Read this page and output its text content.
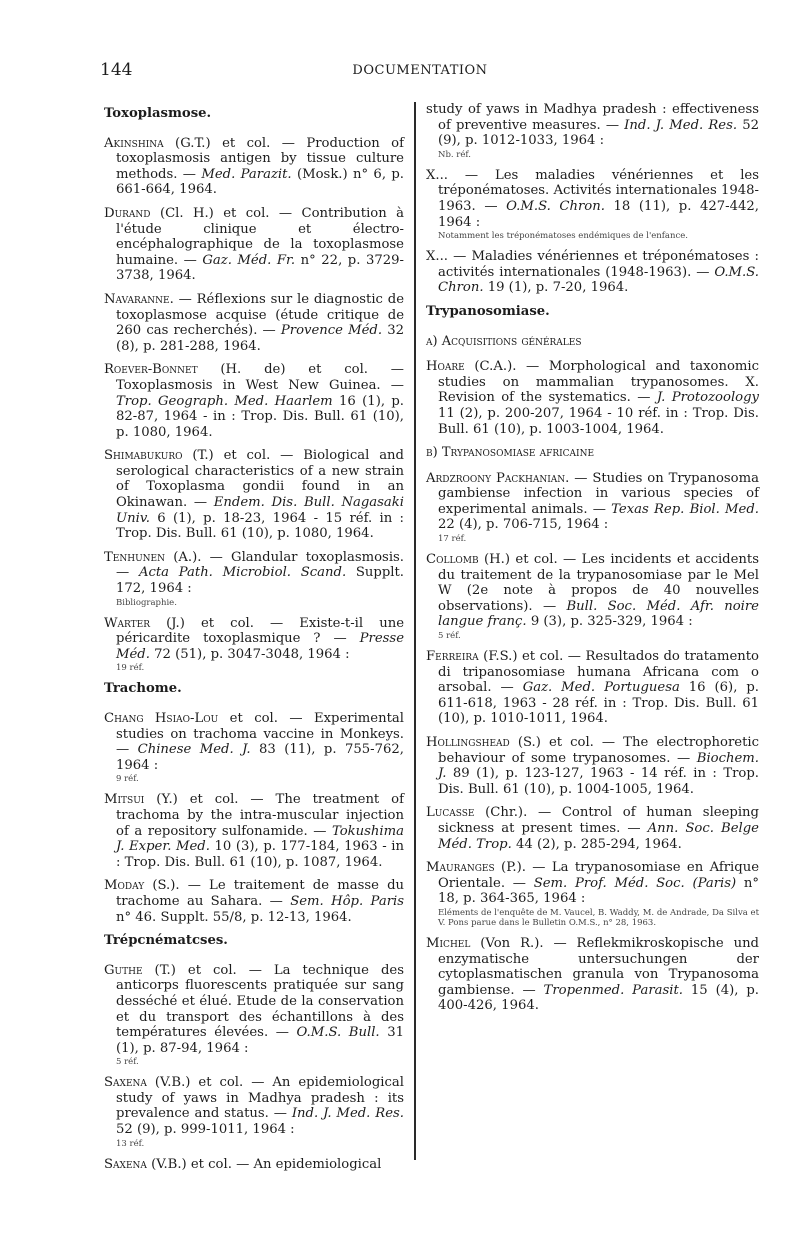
144	DOCUMENTATION
Toxoplasmose.
Akinshina (G.T.) et col. — Production of toxoplasmosis antigen by tissue culture methods. — Med. Parazit. (Mosk.) n° 6, p. 661-664, 1964.
Durand (Cl. H.) et col. — Contribution à l'étude clinique et électro-encéphalographique de la toxoplasmose humaine. — Gaz. Méd. Fr. n° 22, p. 3729-3738, 1964.
Navaranne. — Réflexions sur le diagnostic de toxoplasmose acquise (étude critique de 260 cas recherchés). — Provence Méd. 32 (8), p. 281-288, 1964.
Roever-Bonnet (H. de) et col. — Toxoplasmosis in West New Guinea. — Trop. Geograph. Med. Haarlem 16 (1), p. 82-87, 1964 - in : Trop. Dis. Bull. 61 (10), p. 1080, 1964.
Shimabukuro (T.) et col. — Biological and serological characteristics of a new strain of Toxoplasma gondii found in an Okinawan. — Endem. Dis. Bull. Nagasaki Univ. 6 (1), p. 18-23, 1964 - 15 réf. in : Trop. Dis. Bull. 61 (10), p. 1080, 1964.
Tenhunen (A.). — Glandular toxoplasmosis. — Acta Path. Microbiol. Scand. Supplt. 172, 1964 :
Bibliographie.
Warter (J.) et col. — Existe-t-il une péricardite toxoplasmique ? — Presse Méd. 72 (51), p. 3047-3048, 1964 :
19 réf.
Trachome.
Chang Hsiao-Lou et col. — Experimental studies on trachoma vaccine in Monkeys. — Chinese Med. J. 83 (11), p. 755-762, 1964 :
9 réf.
Mitsui (Y.) et col. — The treatment of trachoma by the intra-muscular injection of a repository sulfonamide. — Tokushima J. Exper. Med. 10 (3), p. 177-184, 1963 - in : Trop. Dis. Bull. 61 (10), p. 1087, 1964.
Moday (S.). — Le traitement de masse du trachome au Sahara. — Sem. Hôp. Paris n° 46. Supplt. 55/8, p. 12-13, 1964.
Trépcnématcses.
Guthe (T.) et col. — La technique des anticorps fluorescents pratiquée sur sang desséché et élué. Etude de la conservation et du transport des échantillons à des températures élevées. — O.M.S. Bull. 31 (1), p. 87-94, 1964 :
5 réf.
Saxena (V.B.) et col. — An epidemiological study of yaws in Madhya pradesh : its prevalence and status. — Ind. J. Med. Res. 52 (9), p. 999-1011, 1964 :
13 réf.
Saxena (V.B.) et col. — An epidemiological
study of yaws in Madhya pradesh : effectiveness of preventive measures. — Ind. J. Med. Res. 52 (9), p. 1012-1033, 1964 :
Nb. réf.
X... — Les maladies vénériennes et les tréponématoses. Activités internationales 1948-1963. — O.M.S. Chron. 18 (11), p. 427-442, 1964 :
Notamment les tréponématoses endémiques de l'enfance.
X... — Maladies vénériennes et tréponématoses : activités internationales (1948-1963). — O.M.S. Chron. 19 (1), p. 7-20, 1964.
Trypanosomiase.
a) Acquisitions générales
Hoare (C.A.). — Morphological and taxonomic studies on mammalian trypanosomes. X. Revision of the systematics. — J. Protozoology 11 (2), p. 200-207, 1964 - 10 réf. in : Trop. Dis. Bull. 61 (10), p. 1003-1004, 1964.
b) Trypanosomiase africaine
Ardzroony Packhanian. — Studies on Trypanosoma gambiense infection in various species of experimental animals. — Texas Rep. Biol. Med. 22 (4), p. 706-715, 1964 :
17 réf.
Collomb (H.) et col. — Les incidents et accidents du traitement de la trypanosomiase par le Mel W (2e note à propos de 40 nouvelles observations). — Bull. Soc. Méd. Afr. noire langue franç. 9 (3), p. 325-329, 1964 :
5 réf.
Ferreira (F.S.) et col. — Resultados do tratamento di tripanosomiase humana Africana com o arsobal. — Gaz. Med. Portuguesa 16 (6), p. 611-618, 1963 - 28 réf. in : Trop. Dis. Bull. 61 (10), p. 1010-1011, 1964.
Hollingshead (S.) et col. — The electrophoretic behaviour of some trypanosomes. — Biochem. J. 89 (1), p. 123-127, 1963 - 14 réf. in : Trop. Dis. Bull. 61 (10), p. 1004-1005, 1964.
Lucasse (Chr.). — Control of human sleeping sickness at present times. — Ann. Soc. Belge Méd. Trop. 44 (2), p. 285-294, 1964.
Mauranges (P.). — La trypanosomiase en Afrique Orientale. — Sem. Prof. Méd. Soc. (Paris) n° 18, p. 364-365, 1964 :
Eléments de l'enquête de M. Vaucel, B. Waddy, M. de Andrade, Da Silva et V. Pons parue dans le Bulletin O.M.S., n° 28, 1963.
Michel (Von R.). — Reflekmikroskopische und enzymatische untersuchungen der cytoplasmatischen granula von Trypanosoma gambiense. — Tropenmed. Parasit. 15 (4), p. 400-426, 1964.
